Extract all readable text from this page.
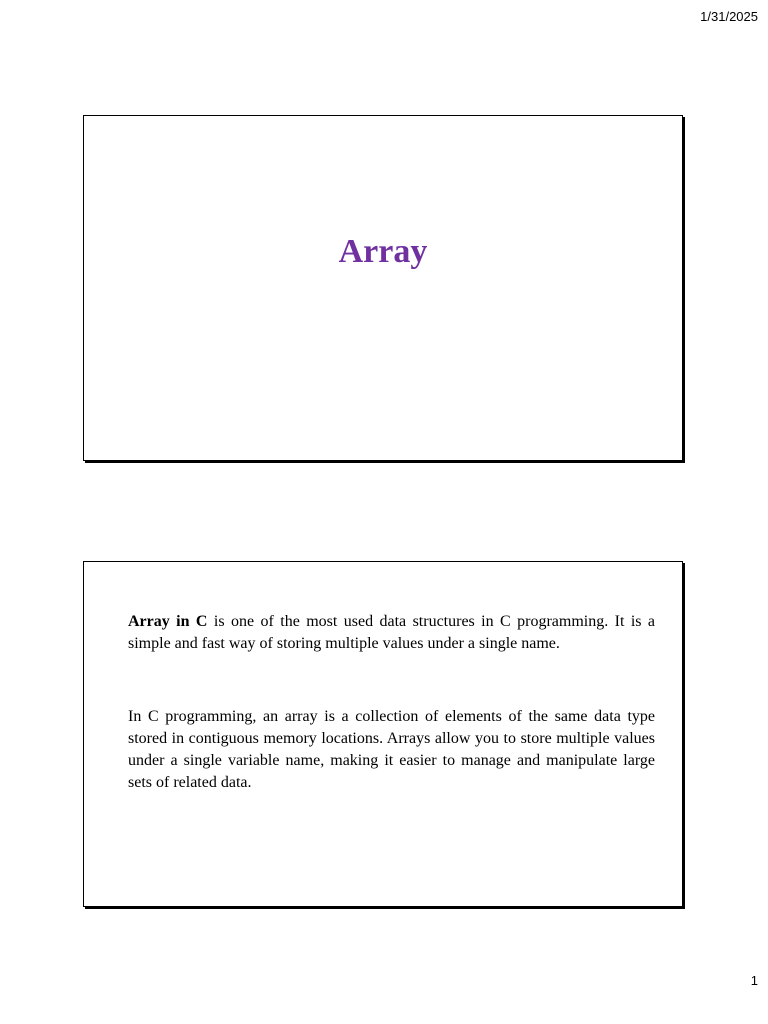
1/31/2025
Array

Array in C is one of the most used data structures in C programming. It is a simple and fast way of storing multiple values under a single name.

In C programming, an array is a collection of elements of the same data type stored in contiguous memory locations. Arrays allow you to store multiple values under a single variable name, making it easier to manage and manipulate large sets of related data.

1
